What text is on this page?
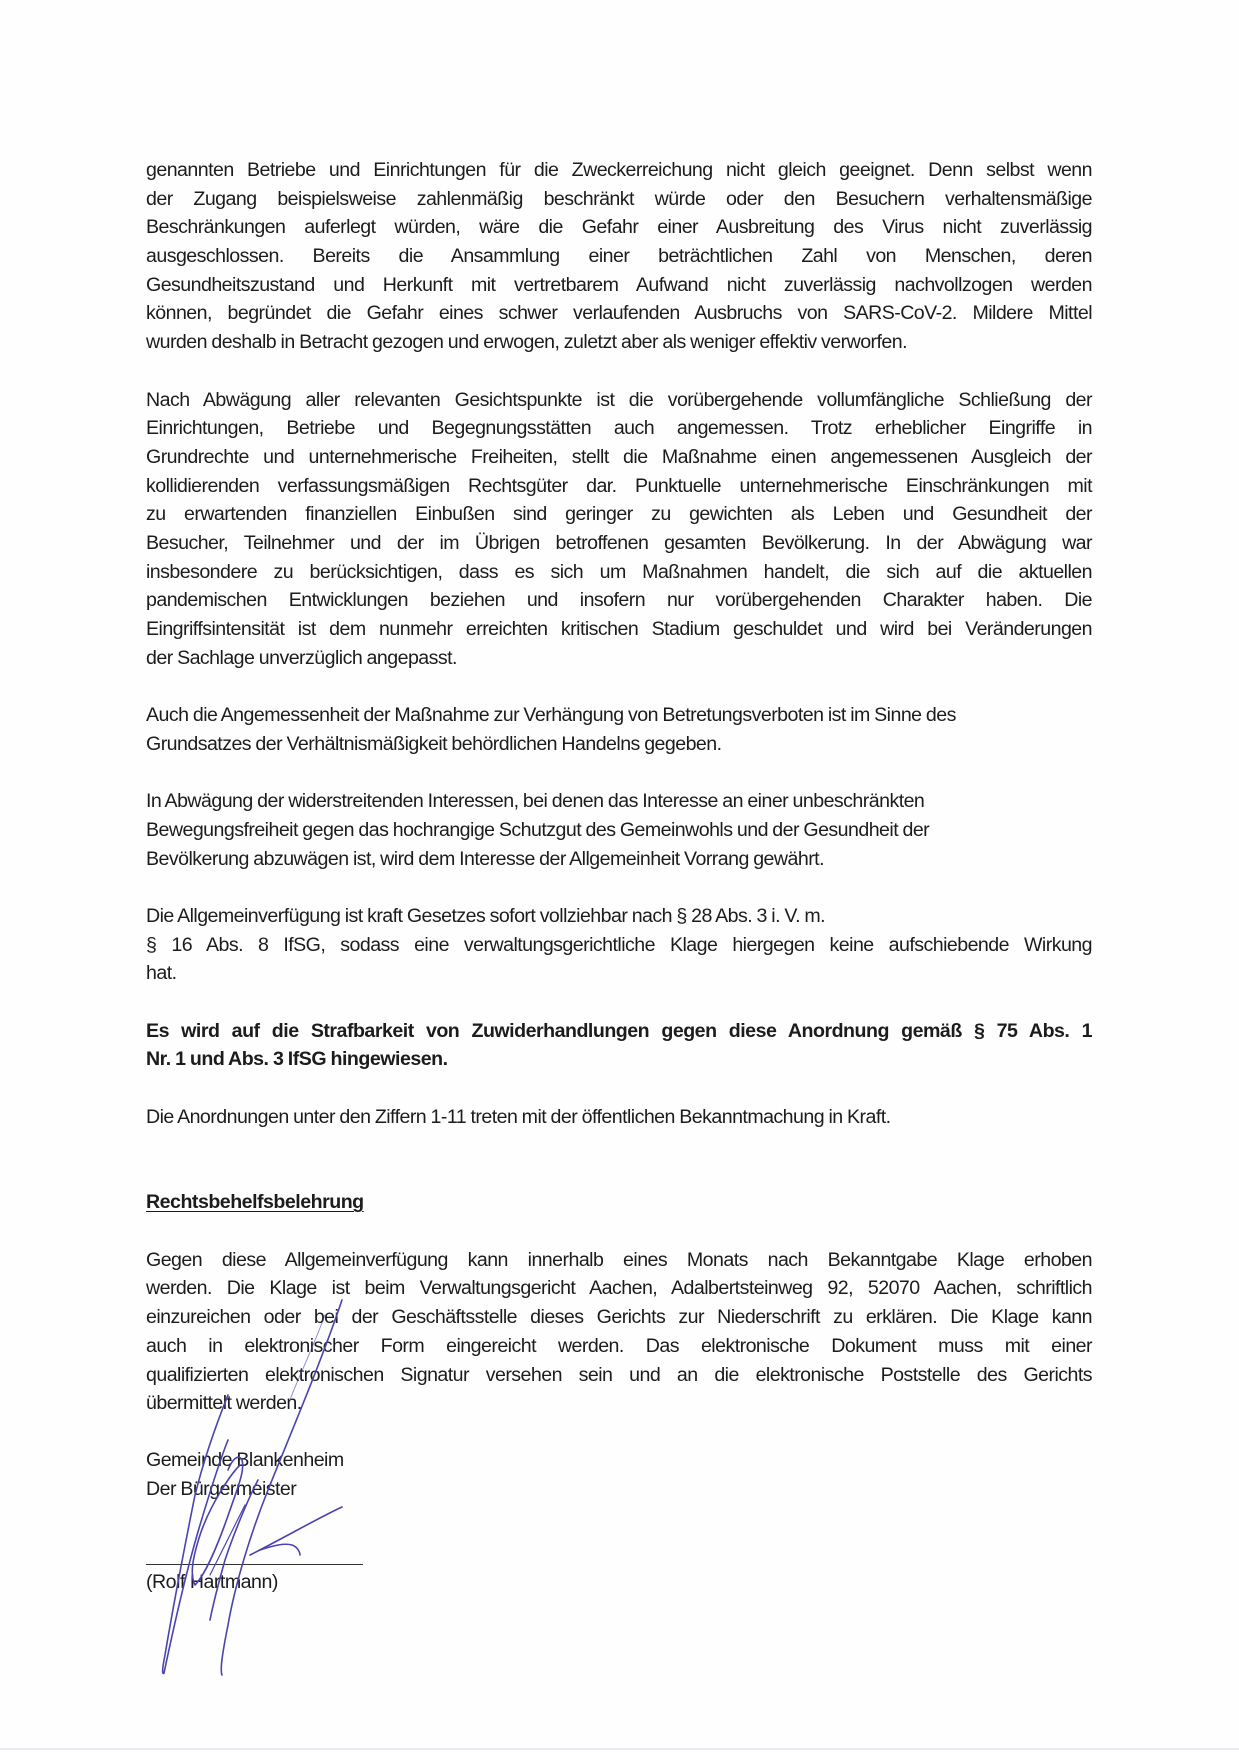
genannten Betriebe und Einrichtungen für die Zweckerreichung nicht gleich geeignet. Denn selbst wenn
der Zugang beispielsweise zahlenmäßig beschränkt würde oder den Besuchern verhaltensmäßige
Beschränkungen auferlegt würden, wäre die Gefahr einer Ausbreitung des Virus nicht zuverlässig
ausgeschlossen. Bereits die Ansammlung einer beträchtlichen Zahl von Menschen, deren
Gesundheitszustand und Herkunft mit vertretbarem Aufwand nicht zuverlässig nachvollzogen werden
können, begründet die Gefahr eines schwer verlaufenden Ausbruchs von SARS-CoV-2. Mildere Mittel
wurden deshalb in Betracht gezogen und erwogen, zuletzt aber als weniger effektiv verworfen.

Nach Abwägung aller relevanten Gesichtspunkte ist die vorübergehende vollumfängliche Schließung der
Einrichtungen, Betriebe und Begegnungsstätten auch angemessen. Trotz erheblicher Eingriffe in
Grundrechte und unternehmerische Freiheiten, stellt die Maßnahme einen angemessenen Ausgleich der
kollidierenden verfassungsmäßigen Rechtsgüter dar. Punktuelle unternehmerische Einschränkungen mit
zu erwartenden finanziellen Einbußen sind geringer zu gewichten als Leben und Gesundheit der
Besucher, Teilnehmer und der im Übrigen betroffenen gesamten Bevölkerung. In der Abwägung war
insbesondere zu berücksichtigen, dass es sich um Maßnahmen handelt, die sich auf die aktuellen
pandemischen Entwicklungen beziehen und insofern nur vorübergehenden Charakter haben. Die
Eingriffsintensität ist dem nunmehr erreichten kritischen Stadium geschuldet und wird bei Veränderungen
der Sachlage unverzüglich angepasst.

Auch die Angemessenheit der Maßnahme zur Verhängung von Betretungsverboten ist im Sinne des
Grundsatzes der Verhältnismäßigkeit behördlichen Handelns gegeben.

In Abwägung der widerstreitenden Interessen, bei denen das Interesse an einer unbeschränkten
Bewegungsfreiheit gegen das hochrangige Schutzgut des Gemeinwohls und der Gesundheit der
Bevölkerung abzuwägen ist, wird dem Interesse der Allgemeinheit Vorrang gewährt.

Die Allgemeinverfügung ist kraft Gesetzes sofort vollziehbar nach § 28 Abs. 3 i. V. m.
§ 16 Abs. 8 IfSG, sodass eine verwaltungsgerichtliche Klage hiergegen keine aufschiebende Wirkung
hat.

Es wird auf die Strafbarkeit von Zuwiderhandlungen gegen diese Anordnung gemäß § 75 Abs. 1
Nr. 1 und Abs. 3 IfSG hingewiesen.

Die Anordnungen unter den Ziffern 1-11 treten mit der öffentlichen Bekanntmachung in Kraft.

Rechtsbehelfsbelehrung

Gegen diese Allgemeinverfügung kann innerhalb eines Monats nach Bekanntgabe Klage erhoben
werden. Die Klage ist beim Verwaltungsgericht Aachen, Adalbertsteinweg 92, 52070 Aachen, schriftlich
einzureichen oder bei der Geschäftsstelle dieses Gerichts zur Niederschrift zu erklären. Die Klage kann
auch in elektronischer Form eingereicht werden. Das elektronische Dokument muss mit einer
qualifizierten elektronischen Signatur versehen sein und an die elektronische Poststelle des Gerichts
übermittelt werden.

Gemeinde Blankenheim
Der Bürgermeister

(Rolf Hartmann)
